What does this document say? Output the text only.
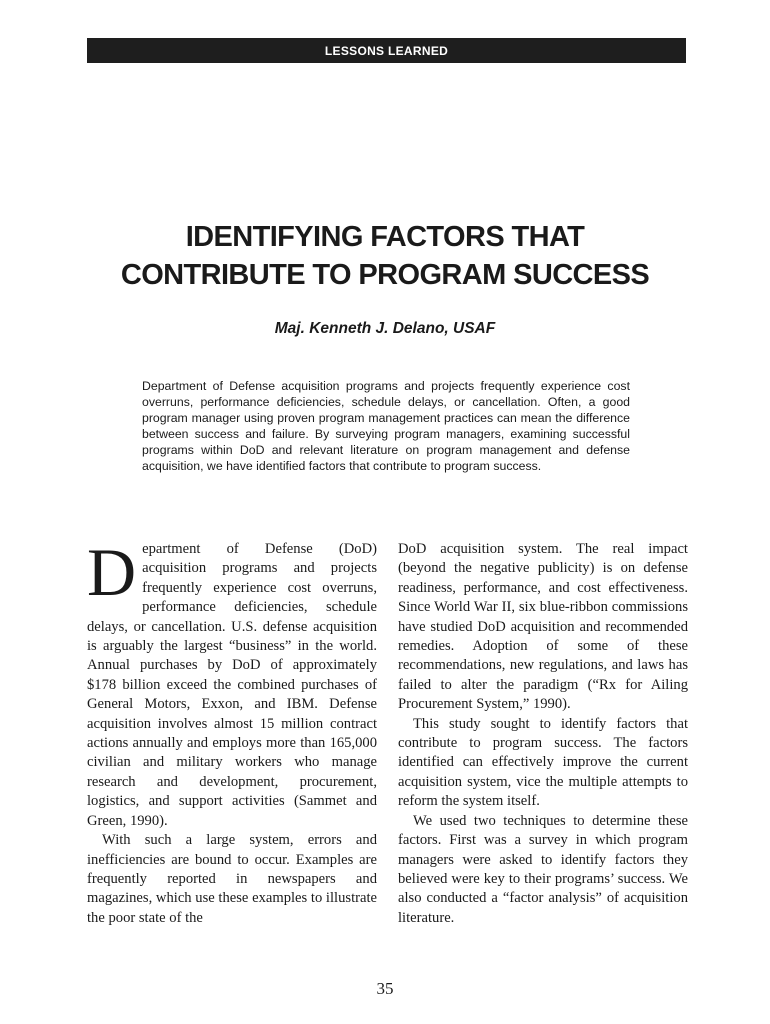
LESSONS LEARNED
IDENTIFYING FACTORS THAT
CONTRIBUTE TO PROGRAM SUCCESS
Maj. Kenneth J. Delano, USAF
Department of Defense acquisition programs and projects frequently experience cost overruns, performance deficiencies, schedule delays, or cancellation. Often, a good program manager using proven program management practices can mean the difference between success and failure. By surveying program managers, examining successful programs within DoD and relevant literature on program management and defense acquisition, we have identified factors that contribute to program success.

Department of Defense (DoD) acquisition programs and projects frequently experience cost overruns, performance deficiencies, schedule delays, or cancellation. U.S. defense acquisition is arguably the largest “business” in the world. Annual purchases by DoD of approximately $178 billion exceed the combined purchases of General Motors, Exxon, and IBM. Defense acquisition involves almost 15 million contract actions annually and employs more than 165,000 civilian and military workers who manage research and development, procurement, logistics, and support activities (Sammet and Green, 1990).

With such a large system, errors and inefficiencies are bound to occur. Examples are frequently reported in newspapers and magazines, which use these examples to illustrate the poor state of the

DoD acquisition system. The real impact (beyond the negative publicity) is on defense readiness, performance, and cost effectiveness. Since World War II, six blue-ribbon commissions have studied DoD acquisition and recommended remedies. Adoption of some of these recommendations, new regulations, and laws has failed to alter the paradigm (“Rx for Ailing Procurement System,” 1990).

This study sought to identify factors that contribute to program success. The factors identified can effectively improve the current acquisition system, vice the multiple attempts to reform the system itself.

We used two techniques to determine these factors. First was a survey in which program managers were asked to identify factors they believed were key to their programs’ success. We also conducted a “factor analysis” of acquisition literature.

35
